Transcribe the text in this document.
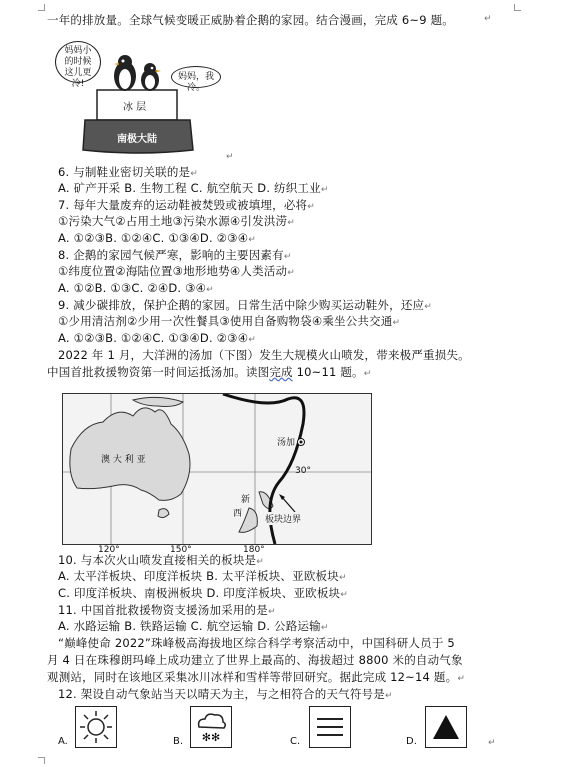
一年的排放量。全球气候变暖正威胁着企鹅的家园。结合漫画，完成 6~9 题。	↵
妈妈小的时候这儿更冷!
妈妈，我冷。
冰 层
南极大陆
↵
6. 与制鞋业密切关联的是↵
A. 矿产开采 B. 生物工程 C. 航空航天 D. 纺织工业↵
7. 每年大量废弃的运动鞋被焚毁或被填埋，必将↵
①污染大气②占用土地③污染水源④引发洪涝↵
A. ①②③B. ①②④C. ①③④D. ②③④↵
8. 企鹅的家园气候严寒，影响的主要因素有↵
①纬度位置②海陆位置③地形地势④人类活动↵
A. ①②B. ①③C. ②④D. ③④↵
9. 减少碳排放，保护企鹅的家园。日常生活中除少购买运动鞋外，还应↵
①少用清洁剂②少用一次性餐具③使用自备购物袋④乘坐公共交通↵
A. ①②③B. ①②④C. ①③④D. ②③④↵
2022 年 1 月，大洋洲的汤加（下图）发生大规模火山喷发，带来极严重损失。
中国首批救援物资第一时间运抵汤加。读图完成 10~11 题。↵
澳 大 利 亚
汤加
新
西
板块边界
30°
120°	150°	180°
10. 与本次火山喷发直接相关的板块是↵
A. 太平洋板块、印度洋板块 B. 太平洋板块、亚欧板块↵
C. 印度洋板块、南极洲板块 D. 印度洋板块、亚欧板块↵
11. 中国首批救援物资支援汤加采用的是↵
A. 水路运输 B. 铁路运输 C. 航空运输 D. 公路运输↵
“巅峰使命 2022”珠峰极高海拔地区综合科学考察活动中，中国科研人员于 5
月 4 日在珠穆朗玛峰上成功建立了世界上最高的、海拔超过 8800 米的自动气象
观测站，同时在该地区采集冰川冰样和雪样等带回研究。据此完成 12~14 题。↵
12. 架设自动气象站当天以晴天为主，与之相符合的天气符号是↵
A.	B. ✻✻	C.	D.	↵
